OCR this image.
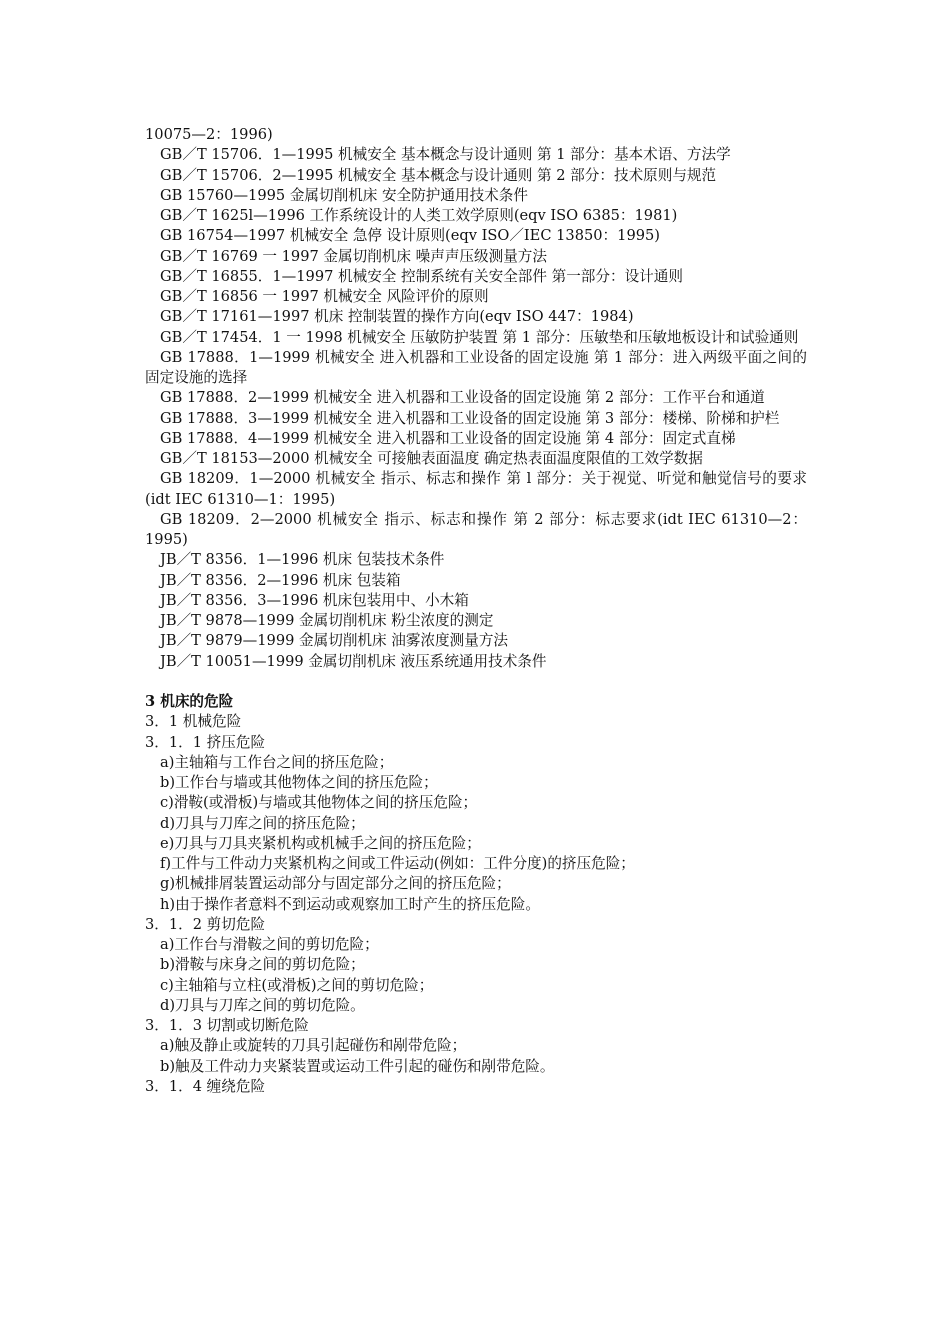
10075—2：1996)

GB／T 15706．1—1995 机械安全 基本概念与设计通则 第 1 部分：基本术语、方法学

GB／T 15706．2—1995 机械安全 基本概念与设计通则 第 2 部分：技术原则与规范

GB 15760—1995 金属切削机床 安全防护通用技术条件

GB／T 1625l—1996 工作系统设计的人类工效学原则(eqv ISO 6385：1981)

GB 16754—1997 机械安全 急停 设计原则(eqv ISO／IEC 13850：1995)

GB／T 16769 一 1997 金属切削机床 噪声声压级测量方法

GB／T 16855．1—1997 机械安全 控制系统有关安全部件 第一部分：设计通则

GB／T 16856 一 1997 机械安全 风险评价的原则

GB／T 17161—1997 机床 控制装置的操作方向(eqv ISO 447：1984)

GB／T 17454．1 一 1998 机械安全 压敏防护装置 第 1 部分：压敏垫和压敏地板设计和试验通则

GB 17888．1—1999 机械安全 进入机器和工业设备的固定设施 第 1 部分：进入两级平面之间的固定设施的选择

GB 17888．2—1999 机械安全 进入机器和工业设备的固定设施 第 2 部分：工作平台和通道

GB 17888．3—1999 机械安全 进入机器和工业设备的固定设施 第 3 部分：楼梯、阶梯和护栏

GB 17888．4—1999 机械安全 进入机器和工业设备的固定设施 第 4 部分：固定式直梯

GB／T 18153—2000 机械安全 可接触表面温度 确定热表面温度限值的工效学数据

GB 18209．1—2000 机械安全 指示、标志和操作 第 l 部分：关于视觉、听觉和触觉信号的要求(idt IEC 61310—1：1995)

GB 18209．2—2000 机械安全 指示、标志和操作 第 2 部分：标志要求(idt IEC 61310—2：1995)

JB／T 8356．1—1996 机床 包装技术条件

JB／T 8356．2—1996 机床 包装箱

JB／T 8356．3—1996 机床包装用中、小木箱

JB／T 9878—1999 金属切削机床 粉尘浓度的测定

JB／T 9879—1999 金属切削机床 油雾浓度测量方法

JB／T 10051—1999 金属切削机床 液压系统通用技术条件

3 机床的危险

3．1 机械危险

3．1．1 挤压危险

a)主轴箱与工作台之间的挤压危险；

b)工作台与墙或其他物体之间的挤压危险；

c)滑鞍(或滑板)与墙或其他物体之间的挤压危险；

d)刀具与刀库之间的挤压危险；

e)刀具与刀具夹紧机构或机械手之间的挤压危险；

f)工件与工件动力夹紧机构之间或工件运动(例如：工件分度)的挤压危险；

g)机械排屑装置运动部分与固定部分之间的挤压危险；

h)由于操作者意料不到运动或观察加工时产生的挤压危险。

3．1．2 剪切危险

a)工作台与滑鞍之间的剪切危险；

b)滑鞍与床身之间的剪切危险；

c)主轴箱与立柱(或滑板)之间的剪切危险；

d)刀具与刀库之间的剪切危险。

3．1．3 切割或切断危险

a)触及静止或旋转的刀具引起碰伤和剐带危险；

b)触及工件动力夹紧装置或运动工件引起的碰伤和剐带危险。

3．1．4 缠绕危险
